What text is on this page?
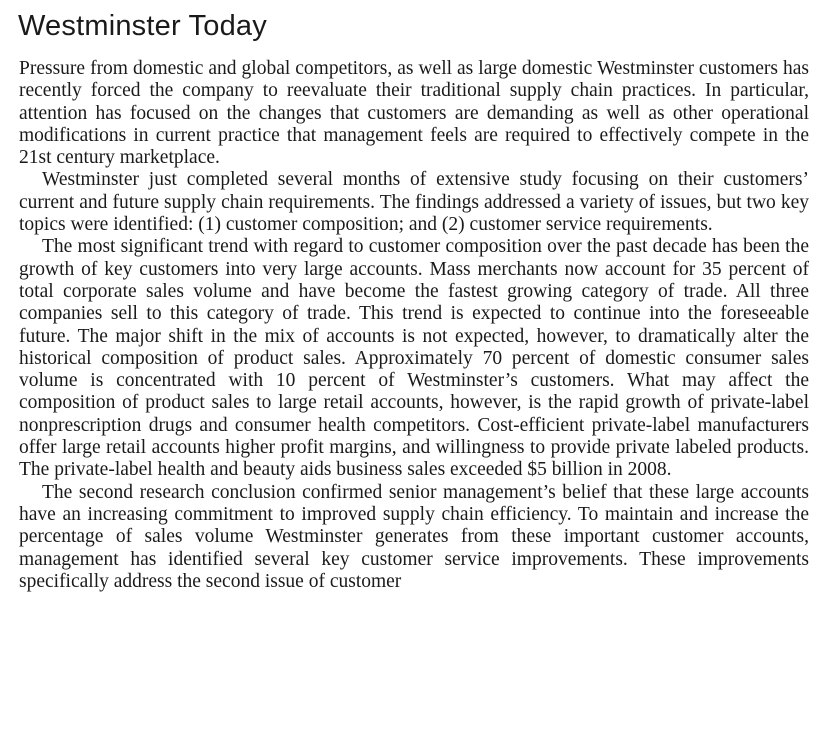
Westminster Today

Pressure from domestic and global competitors, as well as large domestic Westminster customers has recently forced the company to reevaluate their traditional supply chain practices. In particular, attention has focused on the changes that customers are demanding as well as other operational modifications in current practice that management feels are required to effectively compete in the 21st century marketplace.

Westminster just completed several months of extensive study focusing on their customers’ current and future supply chain requirements. The findings addressed a variety of issues, but two key topics were identified: (1) customer composition; and (2) customer service requirements.

The most significant trend with regard to customer composition over the past decade has been the growth of key customers into very large accounts. Mass merchants now account for 35 percent of total corporate sales volume and have become the fastest growing category of trade. All three companies sell to this category of trade. This trend is expected to continue into the foreseeable future. The major shift in the mix of accounts is not expected, however, to dramatically alter the historical composition of product sales. Approximately 70 percent of domestic consumer sales volume is concentrated with 10 percent of Westminster’s customers. What may affect the composition of product sales to large retail accounts, however, is the rapid growth of private-label nonprescription drugs and consumer health competitors. Cost-efficient private-label manufacturers offer large retail accounts higher profit margins, and willingness to provide private labeled products. The private-label health and beauty aids business sales exceeded $5 billion in 2008.

The second research conclusion confirmed senior management’s belief that these large accounts have an increasing commitment to improved supply chain efficiency. To maintain and increase the percentage of sales volume Westminster generates from these important customer accounts, management has identified several key customer service improvements. These improvements specifically address the second issue of customer
